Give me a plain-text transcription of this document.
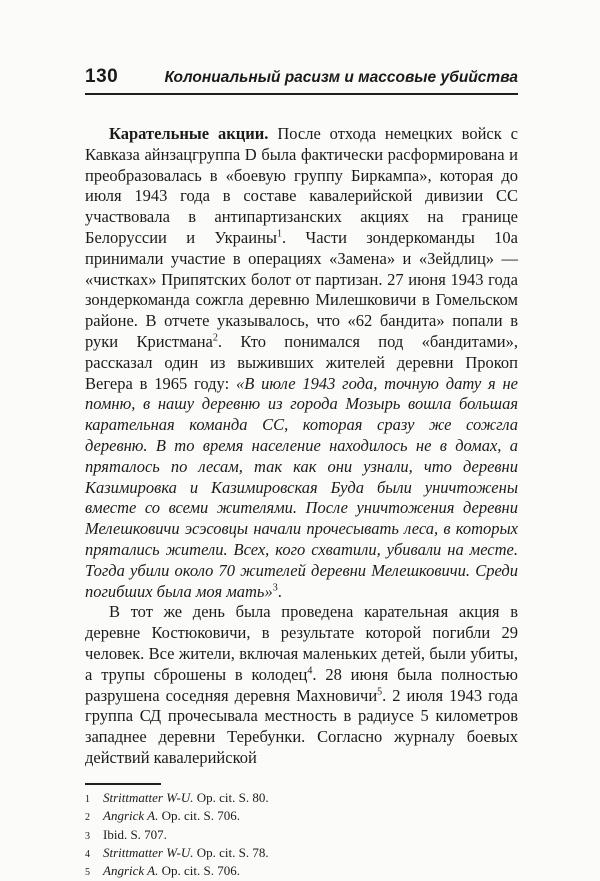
130	Колониальный расизм и массовые убийства

Карательные акции. После отхода немецких войск с Кавказа айнзацгруппа D была фактически расформирована и преобразовалась в «боевую группу Биркампа», которая до июля 1943 года в составе кавалерийской дивизии СС участвовала в антипартизанских акциях на границе Белоруссии и Украины$^1$. Части зондеркоманды 10а принимали участие в операциях «Замена» и «Зейдлиц» — «чистках» Припятских болот от партизан. 27 июня 1943 года зондеркоманда сожгла деревню Милешковичи в Гомельском районе. В отчете указывалось, что «62 бандита» попали в руки Кристмана$^2$. Кто понимался под «бандитами», рассказал один из выживших жителей деревни Прокоп Вегера в 1965 году: «В июле 1943 года, точную дату я не помню, в нашу деревню из города Мозырь вошла большая карательная команда СС, которая сразу же сожгла деревню. В то время население находилось не в домах, а пряталось по лесам, так как они узнали, что деревни Казимировка и Казимировская Буда были уничтожены вместе со всеми жителями. После уничтожения деревни Мелешковичи эсэсовцы начали прочесывать леса, в которых прятались жители. Всех, кого схватили, убивали на месте. Тогда убили около 70 жителей деревни Мелешковичи. Среди погибших была моя мать»$^3$.

В тот же день была проведена карательная акция в деревне Костюковичи, в результате которой погибли 29 человек. Все жители, включая маленьких детей, были убиты, а трупы сброшены в колодец$^4$. 28 июня была полностью разрушена соседняя деревня Махновичи$^5$. 2 июля 1943 года группа СД прочесывала местность в радиусе 5 километров западнее деревни Теребунки. Согласно журналу боевых действий кавалерийской

1	Strittmatter W-U. Op. cit. S. 80.
2	Angrick A. Op. cit. S. 706.
3	Ibid. S. 707.
4	Strittmatter W-U. Op. cit. S. 78.
5	Angrick A. Op. cit. S. 706.
